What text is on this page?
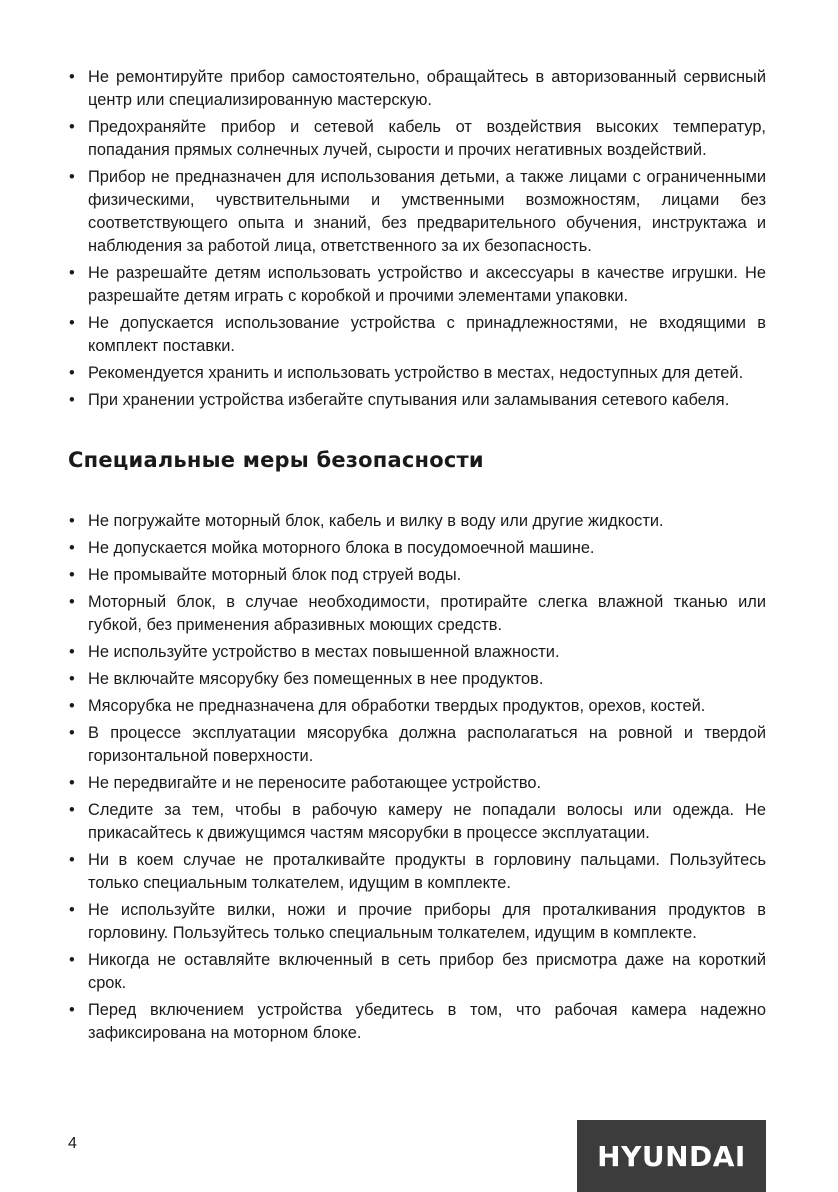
• Не ремонтируйте прибор самостоятельно, обращайтесь в авторизованный сервисный центр или специализированную мастерскую.
• Предохраняйте прибор и сетевой кабель от воздействия высоких температур, попадания прямых солнечных лучей, сырости и прочих негативных воздействий.
• Прибор не предназначен для использования детьми, а также лицами с ограниченными физическими, чувствительными и умственными возможностям, лицами без соответствующего опыта и знаний, без предварительного обучения, инструктажа и наблюдения за работой лица, ответственного за их безопасность.
• Не разрешайте детям использовать устройство и аксессуары в качестве игрушки. Не разрешайте детям играть с коробкой и прочими элементами упаковки.
• Не допускается использование устройства с принадлежностями, не входящими в комплект поставки.
• Рекомендуется хранить и использовать устройство в местах, недоступных для детей.
• При хранении устройства избегайте спутывания или заламывания сетевого кабеля.
Специальные меры безопасности
• Не погружайте моторный блок, кабель и вилку в воду или другие жидкости.
• Не допускается мойка моторного блока в посудомоечной машине.
• Не промывайте моторный блок под струей воды.
• Моторный блок, в случае необходимости, протирайте слегка влажной тканью или губкой, без применения абразивных моющих средств.
• Не используйте устройство в местах повышенной влажности.
• Не включайте мясорубку без помещенных в нее продуктов.
• Мясорубка не предназначена для обработки твердых продуктов, орехов, костей.
• В процессе эксплуатации мясорубка должна располагаться на ровной и твердой горизонтальной поверхности.
• Не передвигайте и не переносите работающее устройство.
• Следите за тем, чтобы в рабочую камеру не попадали волосы или одежда. Не прикасайтесь к движущимся частям мясорубки в процессе эксплуатации.
• Ни в коем случае не проталкивайте продукты в горловину пальцами. Пользуйтесь только специальным толкателем, идущим в комплекте.
• Не используйте вилки, ножи и прочие приборы для проталкивания продуктов в горловину. Пользуйтесь только специальным толкателем, идущим в комплекте.
• Никогда не оставляйте включенный в сеть прибор без присмотра даже на короткий срок.
• Перед включением устройства убедитесь в том, что рабочая камера надежно зафиксирована на моторном блоке.
4	HYUNDAI
